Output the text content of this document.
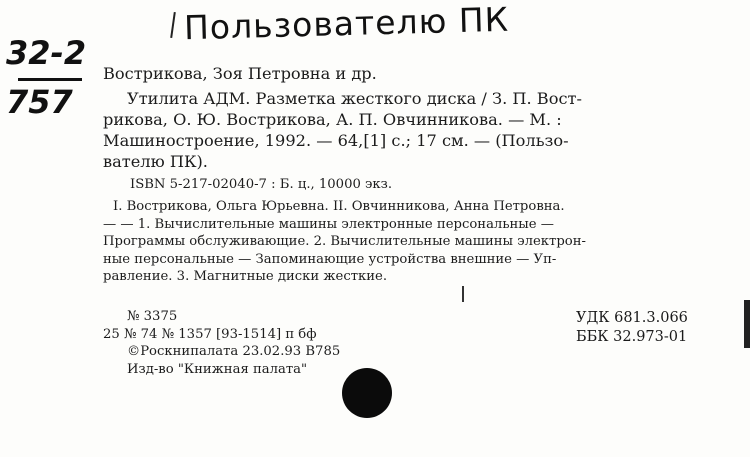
Пользователю ПК
32-2
757
Вострикова, Зоя Петровна и др.
Утилита АДМ. Разметка жесткого диска / З. П. Вост-
рикова, О. Ю. Вострикова, А. П. Овчинникова. — М. :
Машиностроение, 1992. — 64,[1] с.; 17 см. — (Пользо-
вателю ПК).
ISBN 5-217-02040-7 : Б. ц., 10000 экз.
I. Вострикова, Ольга Юрьевна. II. Овчинникова, Анна Петровна.
— — 1. Вычислительные машины электронные персональные —
Программы обслуживающие. 2. Вычислительные машины электрон-
ные персональные — Запоминающие устройства внешние — Уп-
равление. 3. Магнитные диски жесткие.
№ 3375
25 № 74 № 1357 [93-1514] п бф
©Роскнипалата 23.02.93 В785
Изд-во "Книжная палата"
УДК 681.3.066
ББК 32.973-01
